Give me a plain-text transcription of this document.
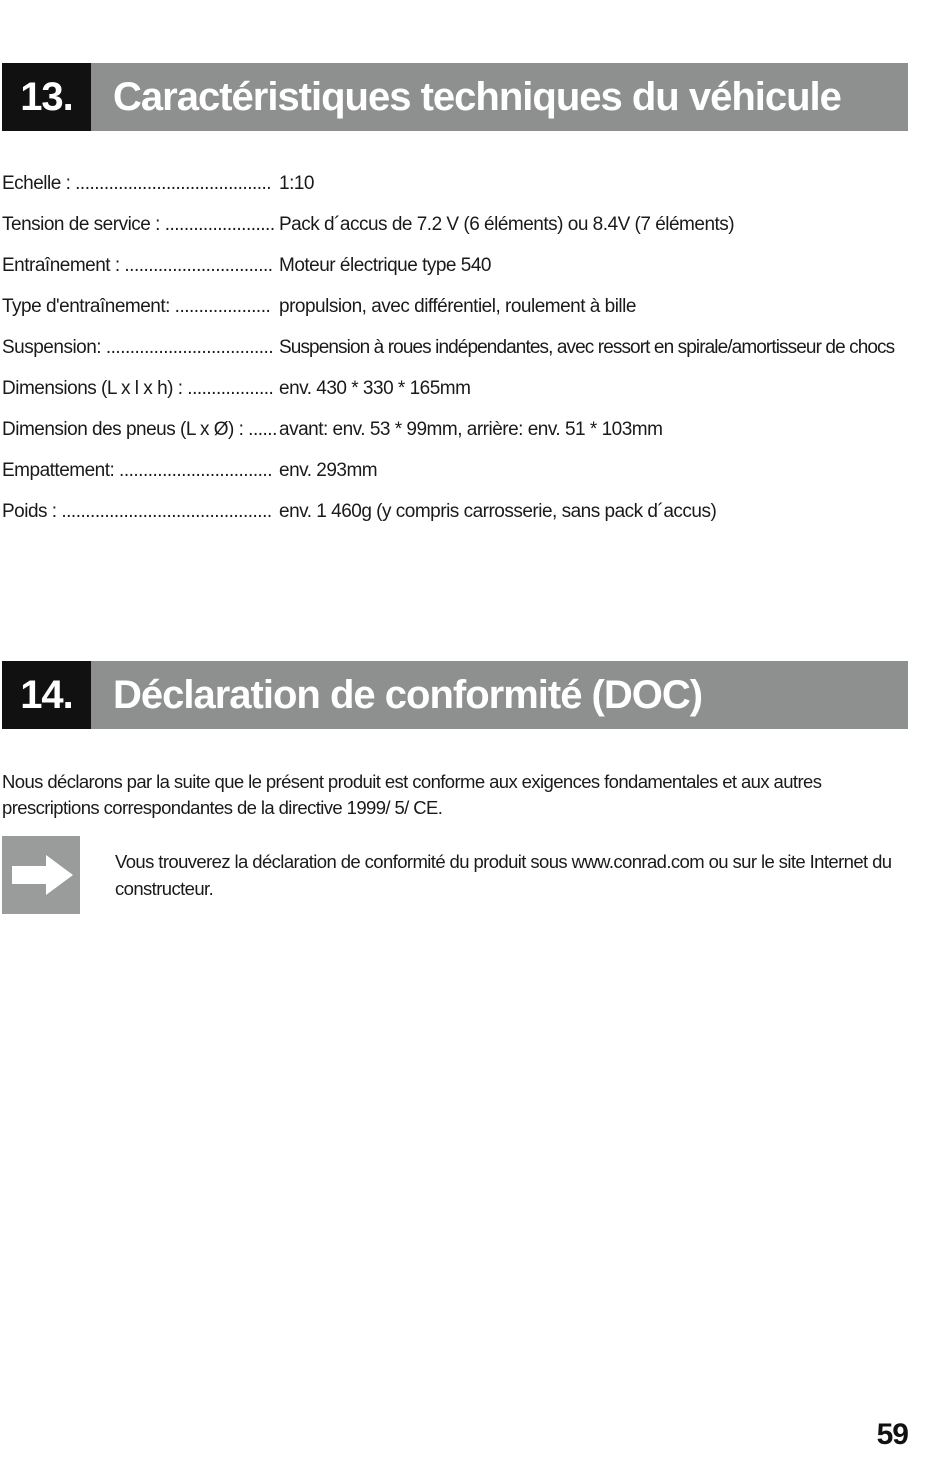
13.	Caractéristiques techniques du véhicule
Echelle : ......................................... 1:10
Tension de service : ....................... Pack d´accus de 7.2 V (6 éléments) ou 8.4V (7 éléments)
Entraînement : ............................... Moteur électrique type 540
Type d'entraînement: .................... propulsion, avec différentiel, roulement à bille
Suspension: ................................... Suspension à roues indépendantes, avec ressort en spirale/amortisseur de chocs
Dimensions (L x l x h) : .................. env. 430 * 330 * 165mm
Dimension des pneus (L x Ø) : ...... avant: env. 53 * 99mm, arrière: env. 51 * 103mm
Empattement: ................................ env. 293mm
Poids : ............................................ env. 1 460g (y compris carrosserie, sans pack d´accus)
14.	Déclaration de conformité (DOC)

Nous déclarons par la suite que le présent produit est conforme aux exigences fondamentales et aux autres prescriptions correspondantes de la directive 1999/ 5/ CE.

Vous trouverez la déclaration de conformité du produit sous www.conrad.com ou sur le site Internet du constructeur.

59
